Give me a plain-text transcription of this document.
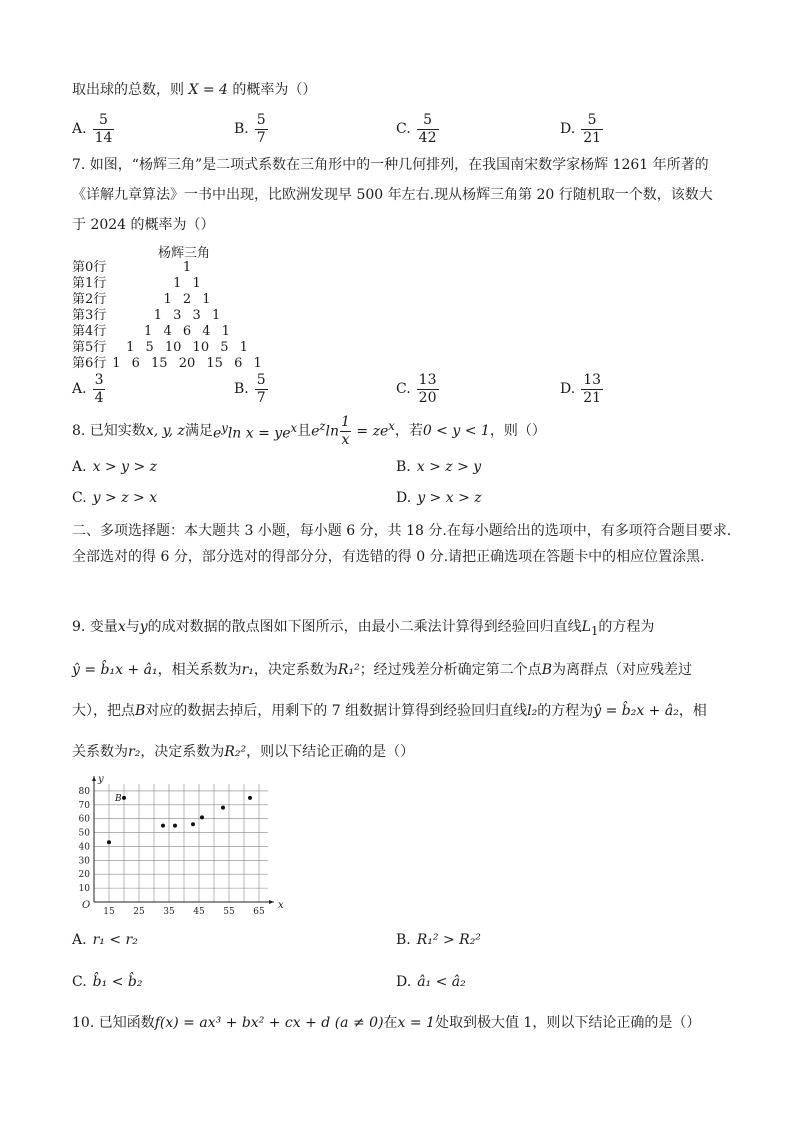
取出球的总数，则 X = 4 的概率为（）
A. $\frac{5}{14}$	B. $\frac{5}{7}$	C. $\frac{5}{42}$	D. $\frac{5}{21}$
7. 如图，“杨辉三角”是二项式系数在三角形中的一种几何排列，在我国南宋数学家杨辉 1261 年所著的
《详解九章算法》一书中出现，比欧洲发现早 500 年左右.现从杨辉三角第 20 行随机取一个数，该数大
于 2024 的概率为（）
杨辉三角
第0行	1
第1行	1 1
第2行	1 2 1
第3行	1 3 3 1
第4行	1 4 6 4 1
第5行	1 5 10 10 5 1
第6行 1 6 15 20 15 6 1
A. $\frac{3}{4}$	B. $\frac{5}{7}$	C. $\frac{13}{20}$	D. $\frac{13}{21}$
8. 已知实数 x, y, z 满足 $e^y\ln$ $x = ye^x$ 且 $e^z\ln \frac{1}{x} = ze^x$ ，若 0 < y < 1 ，则（）
A. x > y > z	B. x > z > y
C. y > z > x	D. y > x > z
二、多项选择题：本大题共 3 小题，每小题 6 分，共 18 分.在每小题给出的选项中，有多项符合题目要求.全部选对的得 6 分，部分选对的得部分分，有选错的得 0 分.请把正确选项在答题卡中的相应位置涂黑.
9. 变量x与y的成对数据的散点图如下图所示，由最小二乘法计算得到经验回归直线$L_1$的方程为
ŷ = b̂₁x + â₁，相关系数为r₁，决定系数为R₁²；经过残差分析确定第二个点B为离群点（对应残差过
大），把点B对应的数据去掉后，用剩下的 7 组数据计算得到经验回归直线l₂的方程为ŷ = b̂₂x + â₂，相
关系数为r₂，决定系数为R₂²，则以下结论正确的是（）
10
20
30
40
50
60
70
80
15 25 35 45 55 65
x
y
O
B
A. r₁ < r₂	B. R₁² > R₂²
C. b̂₁ < b̂₂	D. â₁ < â₂
10. 已知函数f(x) = ax³ + bx² + cx + d (a ≠ 0)在x = 1处取到极大值 1，则以下结论正确的是（）
